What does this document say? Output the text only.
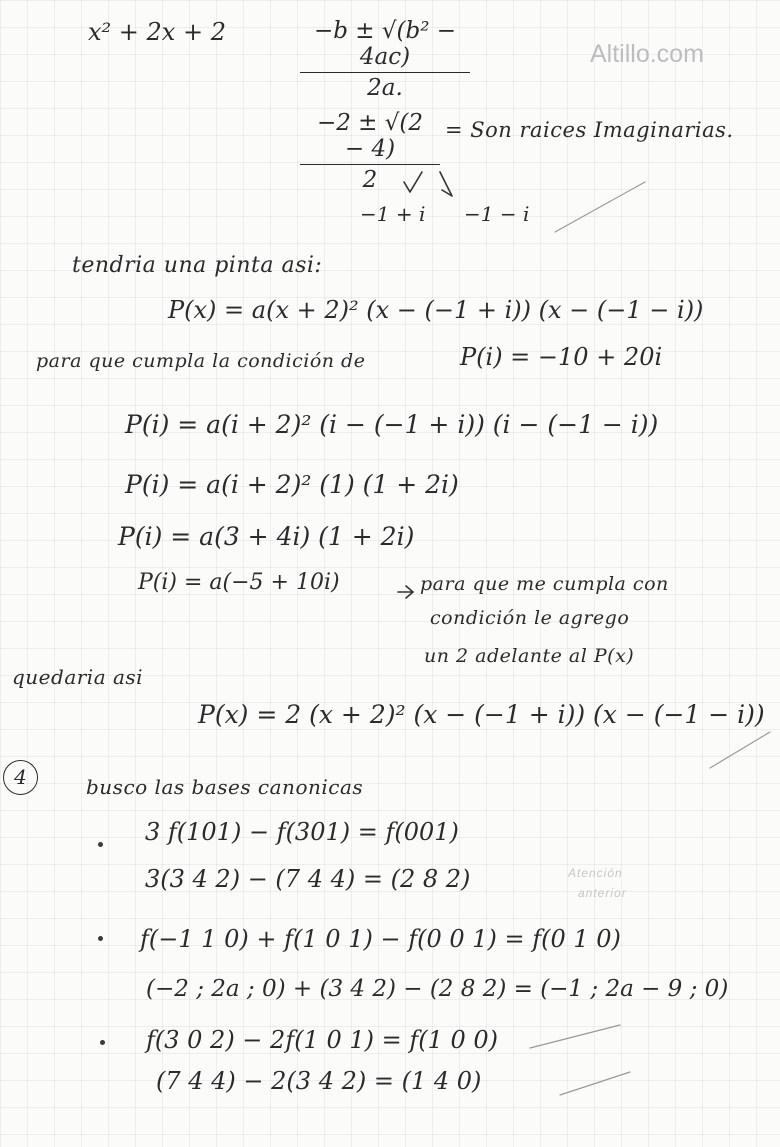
Altillo.com
x² + 2x + 2	$\frac{\text{−b ± √(b² − 4ac)}}{2a.}$
$\frac{-2 \pm √(2 - 4)}{2}$ = Son raices Imaginarias.
−1 + i −1 − i
tendria una pinta asi:
P(x) = a(x + 2)² (x − (−1 + i)) (x − (−1 − i))
para que cumpla la condición de	P(i) = −10 + 20i
P(i) = a(i + 2)² (i − (−1 + i)) (i − (−1 − i))
P(i) = a(i + 2)² (1) (1 + 2i)
P(i) = a(3 + 4i) (1 + 2i)
P(i) = a(−5 + 10i)	para que me cumpla con
condición le agrego
un 2 adelante al P(x)
quedaria asi
P(x) = 2 (x + 2)² (x − (−1 + i)) (x − (−1 − i))
4	busco las bases canonicas
3 f(101) − f(301) = f(001)
3(3 4 2) − (7 4 4) = (2 8 2)	Atención
anterior
f(−1 1 0) + f(1 0 1) − f(0 0 1) = f(0 1 0)
(−2 ; 2a ; 0) + (3 4 2) − (2 8 2) = (−1 ; 2a − 9 ; 0)
f(3 0 2) − 2f(1 0 1) = f(1 0 0)
(7 4 4) − 2(3 4 2) = (1 4 0)
